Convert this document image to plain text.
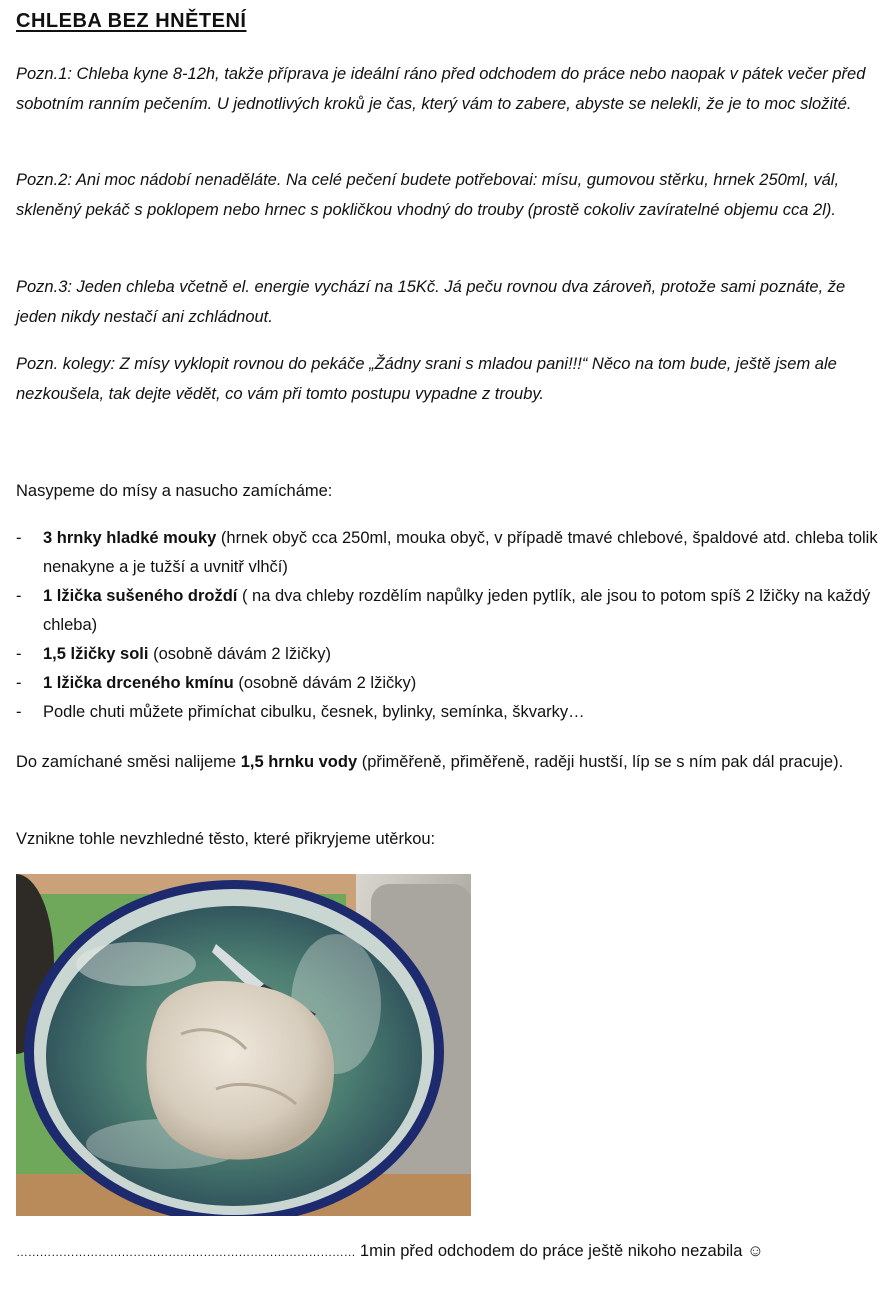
CHLEBA BEZ HNĚTENÍ

Pozn.1: Chleba kyne 8-12h, takže příprava je ideální ráno před odchodem do práce nebo naopak v pátek večer před sobotním ranním pečením. U jednotlivých kroků je čas, který vám to zabere, abyste se nelekli, že je to moc složité.

Pozn.2: Ani moc nádobí nenaděláte. Na celé pečení budete potřebovai: mísu, gumovou stěrku, hrnek 250ml, vál, skleněný pekáč s poklopem nebo hrnec s pokličkou vhodný do trouby (prostě cokoliv zavíratelné objemu cca 2l).

Pozn.3: Jeden chleba včetně el. energie vychází na 15Kč. Já peču rovnou dva zároveň, protože sami poznáte, že jeden nikdy nestačí ani zchládnout.

Pozn. kolegy: Z mísy vyklopit rovnou do pekáče „Žádny srani s mladou pani!!!“ Něco na tom bude, ještě jsem ale nezkoušela, tak dejte vědět, co vám při tomto postupu vypadne z trouby.

Nasypeme do mísy a nasucho zamícháme:

- 3 hrnky hladké mouky (hrnek obyč cca 250ml, mouka obyč, v případě tmavé chlebové, špaldové atd. chleba tolik nenakyne a je tužší a uvnitř vlhčí)
- 1 lžička sušeného droždí ( na dva chleby rozdělím napůlky jeden pytlík, ale jsou to potom spíš 2 lžičky na každý chleba)
- 1,5 lžičky soli (osobně dávám 2 lžičky)
- 1 lžička drceného kmínu (osobně dávám 2 lžičky)
- Podle chuti můžete přimíchat cibulku, česnek, bylinky, semínka, škvarky…

Do zamíchané směsi nalijeme 1,5 hrnku vody (přiměřeně, přiměřeně, raději hustší, líp se s ním pak dál pracuje).

Vznikne tohle nevzhledné těsto, které přikryjeme utěrkou:

…………………………………………………………………………… 1min před odchodem do práce ještě nikoho nezabila ☺
